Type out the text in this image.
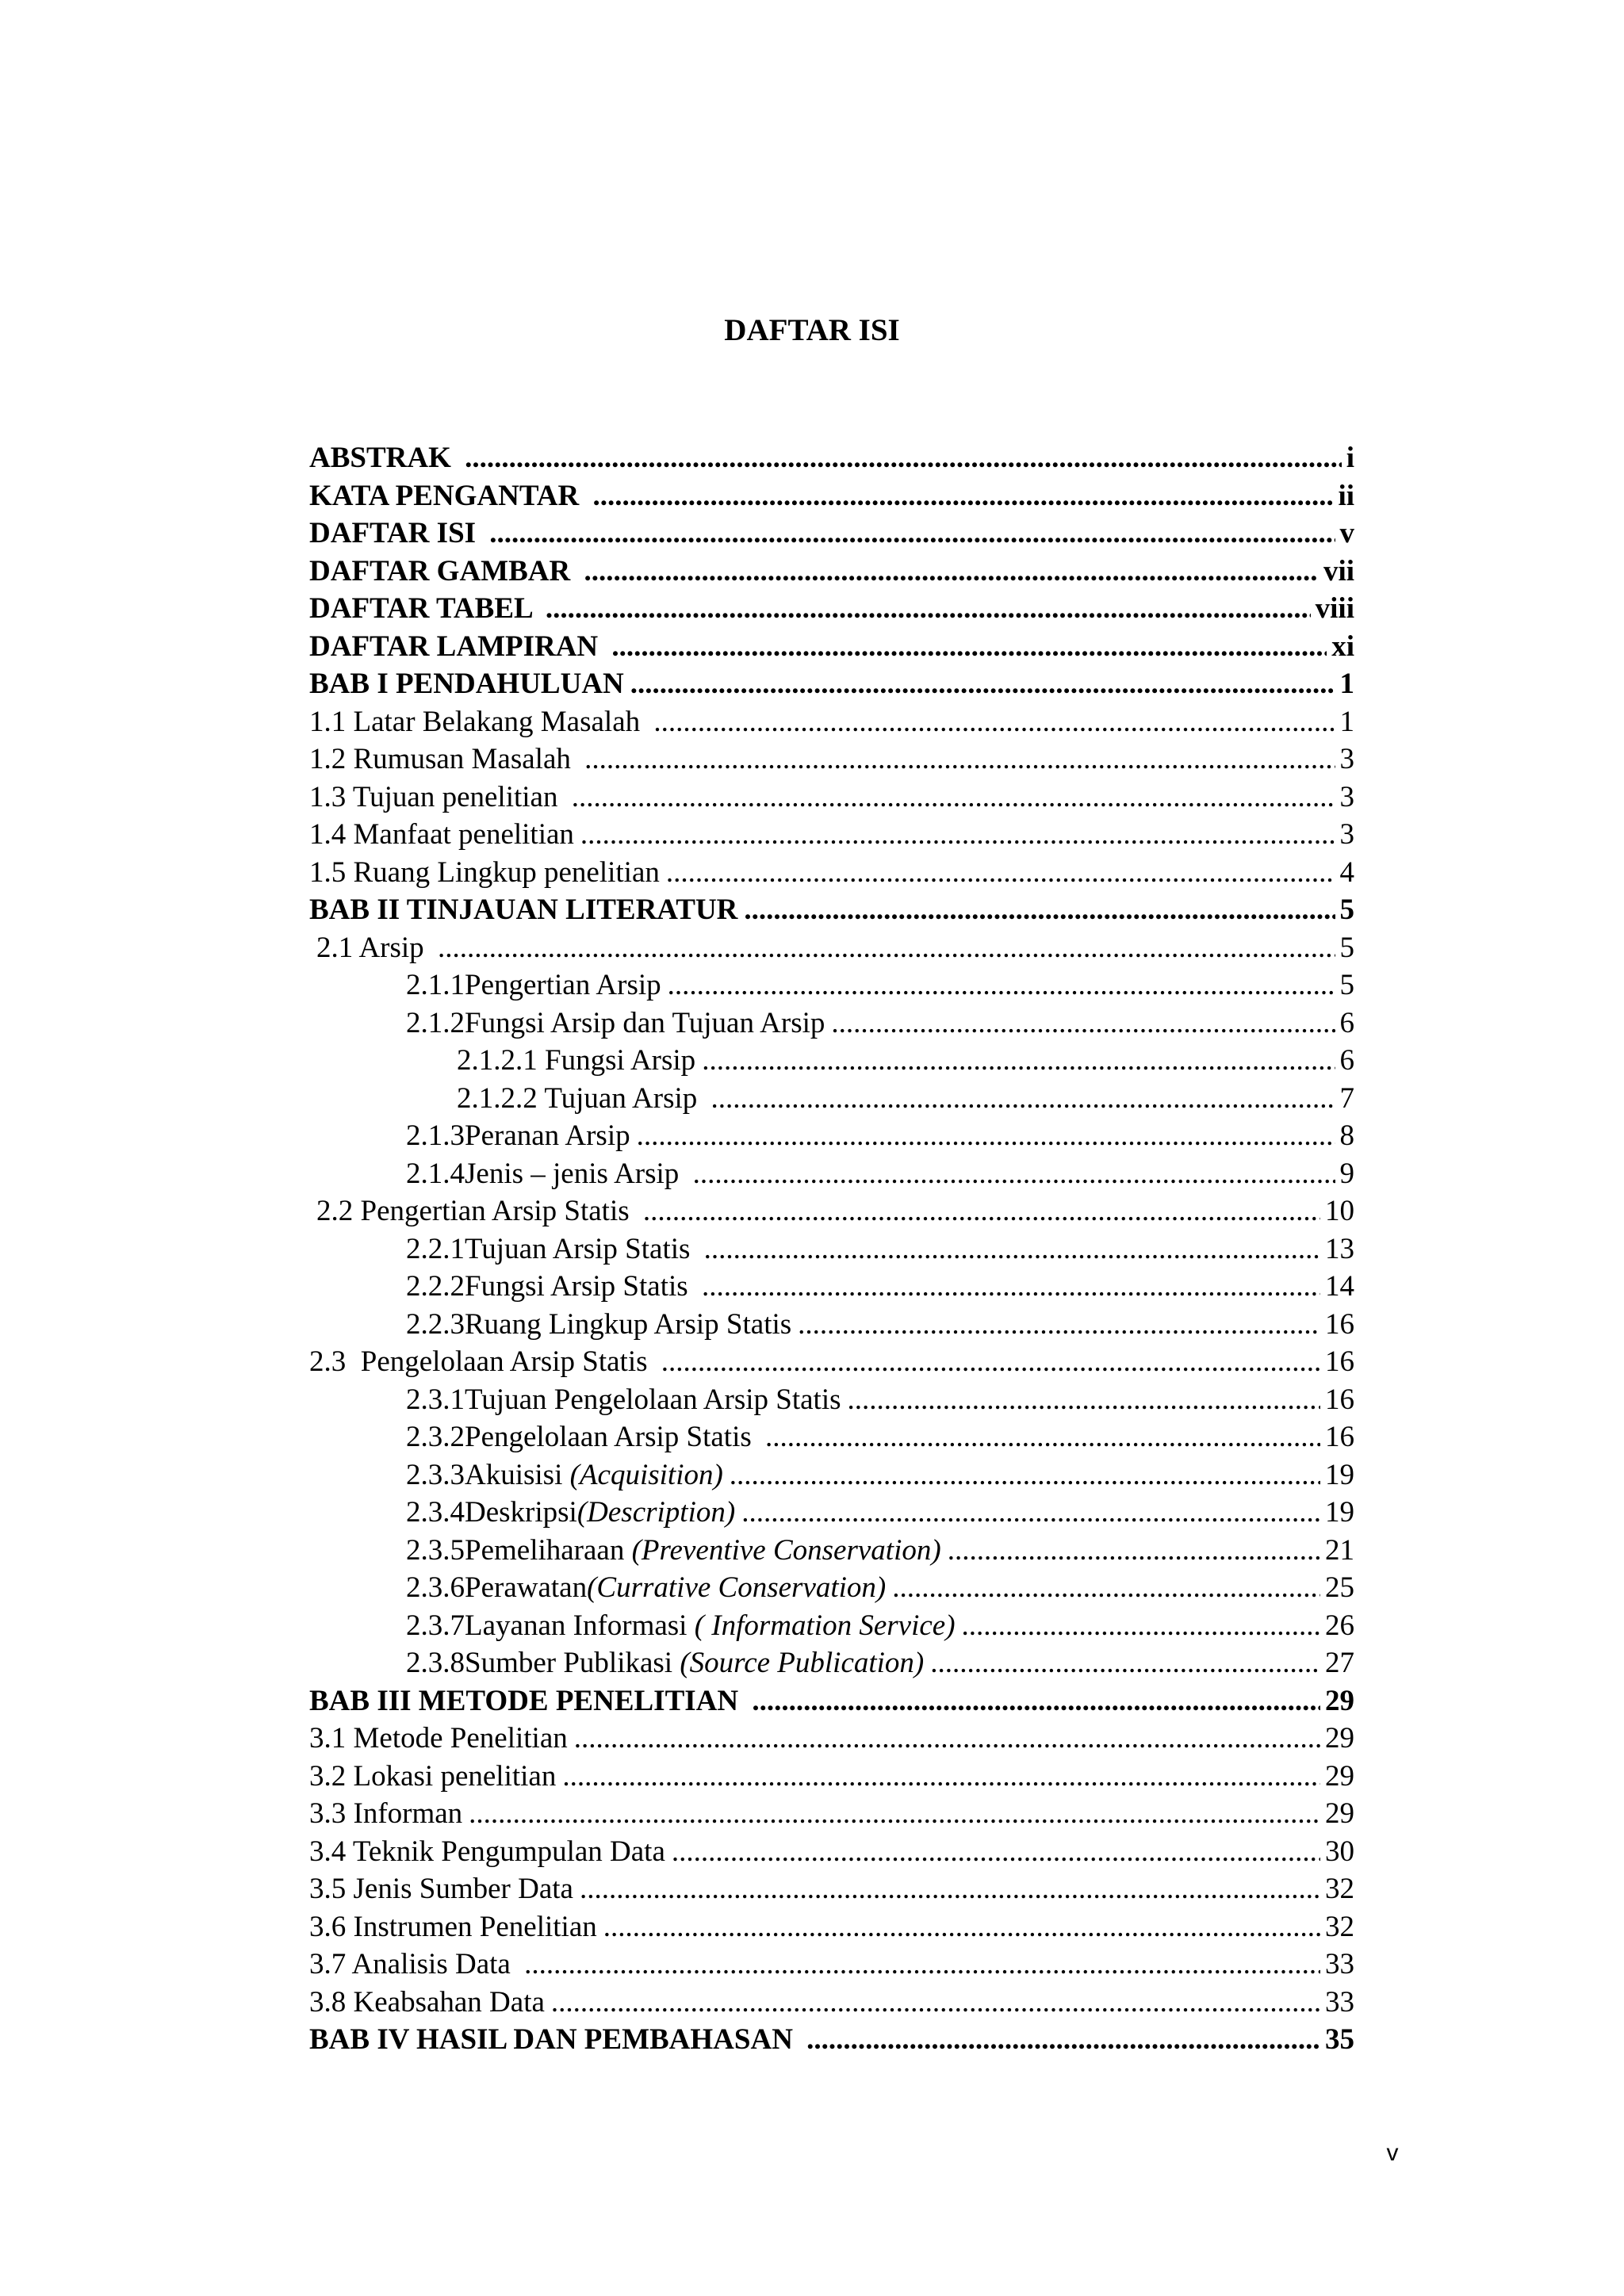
DAFTAR ISI
ABSTRAK .....	i
KATA PENGANTAR .....	ii
DAFTAR ISI .....	v
DAFTAR GAMBAR .....	vii
DAFTAR TABEL .....	viii
DAFTAR LAMPIRAN .....	xi
BAB I PENDAHULUAN .....	1
1.1 Latar Belakang Masalah .....	1
1.2 Rumusan Masalah .....	3
1.3 Tujuan penelitian .....	3
1.4 Manfaat penelitian .....	3
1.5 Ruang Lingkup penelitian .....	4
BAB II TINJAUAN LITERATUR .....	5
2.1 Arsip .....	5
2.1.1 Pengertian Arsip .....	5
2.1.2 Fungsi Arsip dan Tujuan Arsip .....	6
2.1.2.1 Fungsi Arsip .....	6
2.1.2.2 Tujuan Arsip .....	7
2.1.3 Peranan Arsip .....	8
2.1.4 Jenis – jenis Arsip .....	9
2.2 Pengertian Arsip Statis .....	10
2.2.1 Tujuan Arsip Statis .....	13
2.2.2 Fungsi Arsip Statis .....	14
2.2.3 Ruang Lingkup Arsip Statis .....	16
2.3  Pengelolaan Arsip Statis .....	16
2.3.1 Tujuan Pengelolaan Arsip Statis .....	16
2.3.2 Pengelolaan Arsip Statis .....	16
2.3.3 Akuisisi (Acquisition) .....	19
2.3.4 Deskripsi(Description) .....	19
2.3.5 Pemeliharaan (Preventive Conservation) .....	21
2.3.6 Perawatan(Currative Conservation) .....	25
2.3.7 Layanan Informasi ( Information Service) .....	26
2.3.8 Sumber Publikasi (Source Publication) .....	27
BAB III METODE PENELITIAN .....	29
3.1 Metode Penelitian .....	29
3.2 Lokasi penelitian .....	29
3.3 Informan .....	29
3.4 Teknik Pengumpulan Data .....	30
3.5 Jenis Sumber Data .....	32
3.6 Instrumen Penelitian .....	32
3.7 Analisis Data .....	33
3.8 Keabsahan Data .....	33
BAB IV HASIL DAN PEMBAHASAN .....	35
v
